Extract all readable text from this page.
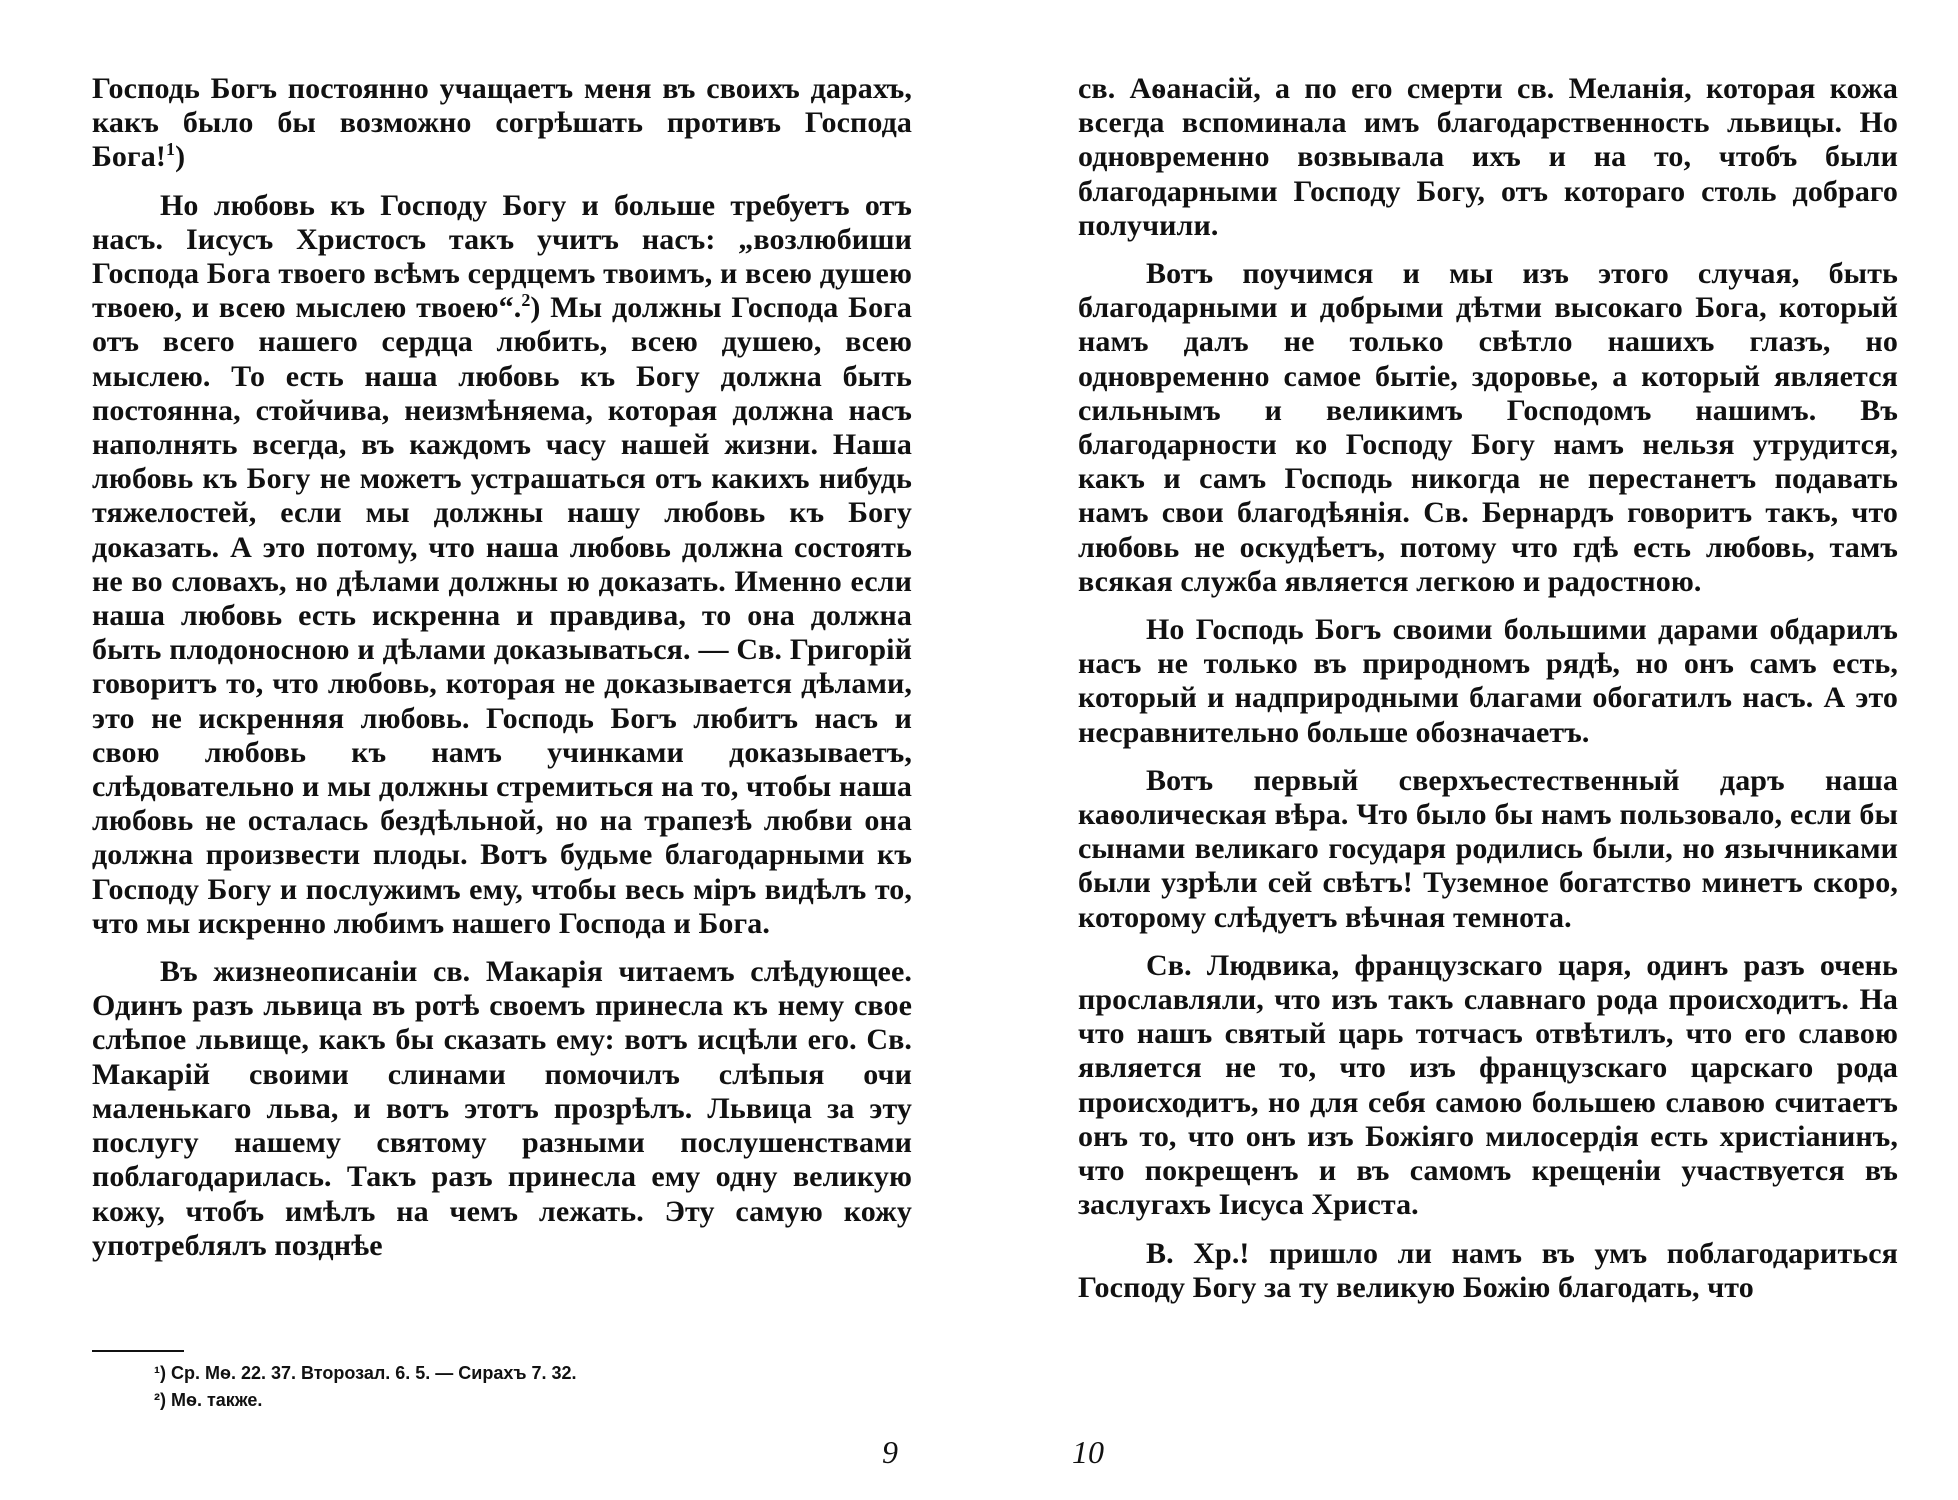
Господь Богъ постоянно учащаетъ меня въ своихъ дарахъ, какъ было бы возможно согрѣшать противъ Господа Бога!$^1$)

Но любовь къ Господу Богу и больше требуетъ отъ насъ. Іисусъ Христосъ такъ учитъ насъ: „возлюбиши Господа Бога твоего всѣмъ сердцемъ твоимъ, и всею душею твоею, и всею мыслею твоею“.$^2$) Мы должны Господа Бога отъ всего нашего сердца любить, всею душею, всею мыслею. То есть наша любовь къ Богу должна быть постоянна, стойчива, неизмѣняема, которая должна насъ наполнять всегда, въ каждомъ часу нашей жизни. Наша любовь къ Богу не можетъ устрашаться отъ какихъ нибудь тяжелостей, если мы должны нашу любовь къ Богу доказать. А это потому, что наша любовь должна состоять не во словахъ, но дѣлами должны ю доказать. Именно если наша любовь есть искренна и правдива, то она должна быть плодоносною и дѣлами доказываться. — Св. Григорій говоритъ то, что любовь, которая не доказывается дѣлами, это не искренняя любовь. Господь Богъ любитъ насъ и свою любовь къ намъ учинками доказываетъ, слѣдовательно и мы должны стремиться на то, чтобы наша любовь не осталась бездѣльной, но на трапезѣ любви она должна произвести плоды. Вотъ будьме благодарными къ Господу Богу и послужимъ ему, чтобы весь міръ видѣлъ то, что мы искренно любимъ нашего Господа и Бога.

Въ жизнеописаніи св. Макарія читаемъ слѣдующее. Одинъ разъ львица въ ротѣ своемъ принесла къ нему свое слѣпое львище, какъ бы сказать ему: вотъ исцѣли его. Св. Макарій своими слинами помочилъ слѣпыя очи маленькаго льва, и вотъ этотъ прозрѣлъ. Львица за эту послугу нашему святому разными послушенствами поблагодарилась. Такъ разъ принесла ему одну великую кожу, чтобъ имѣлъ на чемъ лежать. Эту самую кожу употреблялъ позднѣе

¹) Ср. Мѳ. 22. 37. Второзал. 6. 5. — Сирахъ 7. 32.

²) Мѳ. также.

9

св. Аѳанасій, а по его смерти св. Меланія, которая кожа всегда вспоминала имъ благодарственность львицы. Но одновременно возвывала ихъ и на то, чтобъ были благодарными Господу Богу, отъ котораго столь добраго получили.

Вотъ поучимся и мы изъ этого случая, быть благодарными и добрыми дѣтми высокаго Бога, который намъ далъ не только свѣтло нашихъ глазъ, но одновременно самое бытіе, здоровье, а который является сильнымъ и великимъ Господомъ нашимъ. Въ благодарности ко Господу Богу намъ нельзя утрудится, какъ и самъ Господь никогда не перестанетъ подавать намъ свои благодѣянія. Св. Бернардъ говоритъ такъ, что любовь не оскудѣетъ, потому что гдѣ есть любовь, тамъ всякая служба является легкою и радостною.

Но Господь Богъ своими большими дарами обдарилъ насъ не только въ природномъ рядѣ, но онъ самъ есть, который и надприродными благами обогатилъ насъ. А это несравнительно больше обозначаетъ.

Вотъ первый сверхъестественный даръ наша каѳолическая вѣра. Что было бы намъ пользовало, если бы сынами великаго государя родились были, но язычниками были узрѣли сей свѣтъ! Туземное богатство минетъ скоро, которому слѣдуетъ вѣчная темнота.

Св. Людвика, французскаго царя, одинъ разъ очень прославляли, что изъ такъ славнаго рода происходитъ. На что нашъ святый царь тотчасъ отвѣтилъ, что его славою является не то, что изъ французскаго царскаго рода происходитъ, но для себя самою большею славою считаетъ онъ то, что онъ изъ Божіяго милосердія есть христіанинъ, что покрещенъ и въ самомъ крещеніи участвуется въ заслугахъ Іисуса Христа.

В. Хр.! пришло ли намъ въ умъ поблагодариться Господу Богу за ту великую Божію благодать, что

10
